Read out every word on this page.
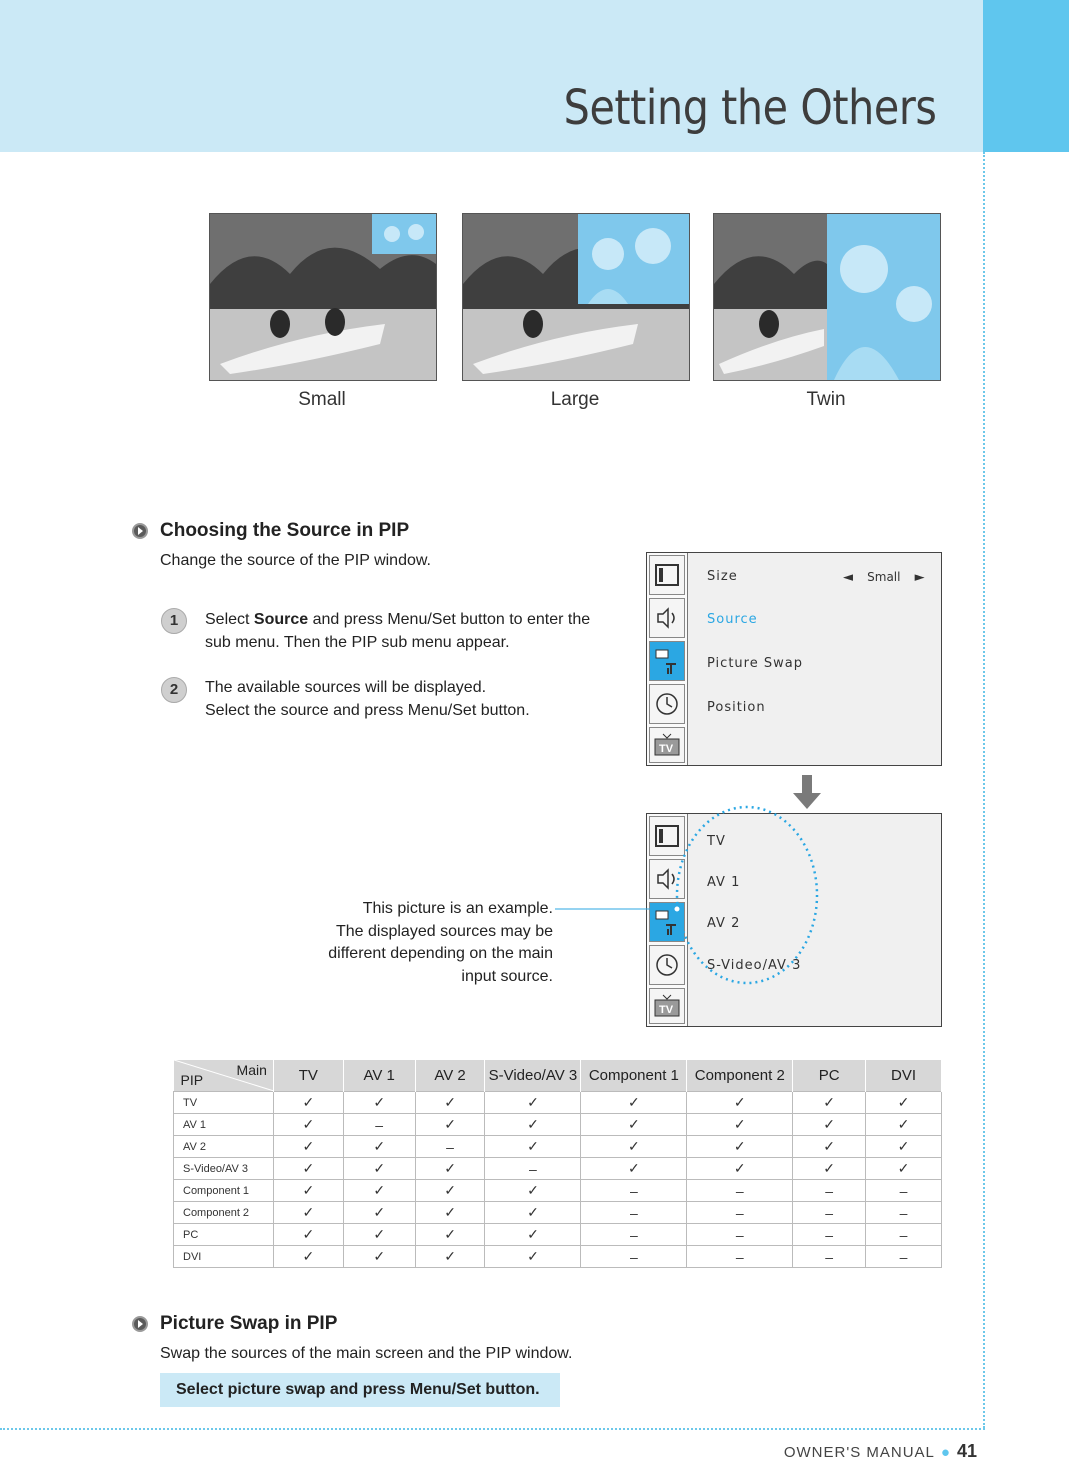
Setting the Others
Small	Large	Twin
Choosing the Source in PIP
Change the source of the PIP window.
1	Select Source and press Menu/Set button to enter the
sub menu. Then the PIP sub menu appear.
2	The available sources will be displayed.
Select the source and press Menu/Set button.
TV
Size	◄ Small ►
Source
Picture Swap
Position
TV
TV
AV 1
AV 2
S-Video/AV 3
This picture is an example.
The displayed sources may be
different depending on the main
input source.
Main
PIP	TV	AV 1	AV 2	S-Video/AV 3	Component 1	Component 2	PC	DVI
TV	✓	✓	✓	✓	✓	✓	✓	✓
AV 1	✓	–	✓	✓	✓	✓	✓	✓
AV 2	✓	✓	–	✓	✓	✓	✓	✓
S-Video/AV 3	✓	✓	✓	–	✓	✓	✓	✓
Component 1	✓	✓	✓	✓	–	–	–	–
Component 2	✓	✓	✓	✓	–	–	–	–
PC	✓	✓	✓	✓	–	–	–	–
DVI	✓	✓	✓	✓	–	–	–	–
Picture Swap in PIP
Swap the sources of the main screen and the PIP window.
Select picture swap and press Menu/Set button.
OWNER'S MANUAL ● 41
